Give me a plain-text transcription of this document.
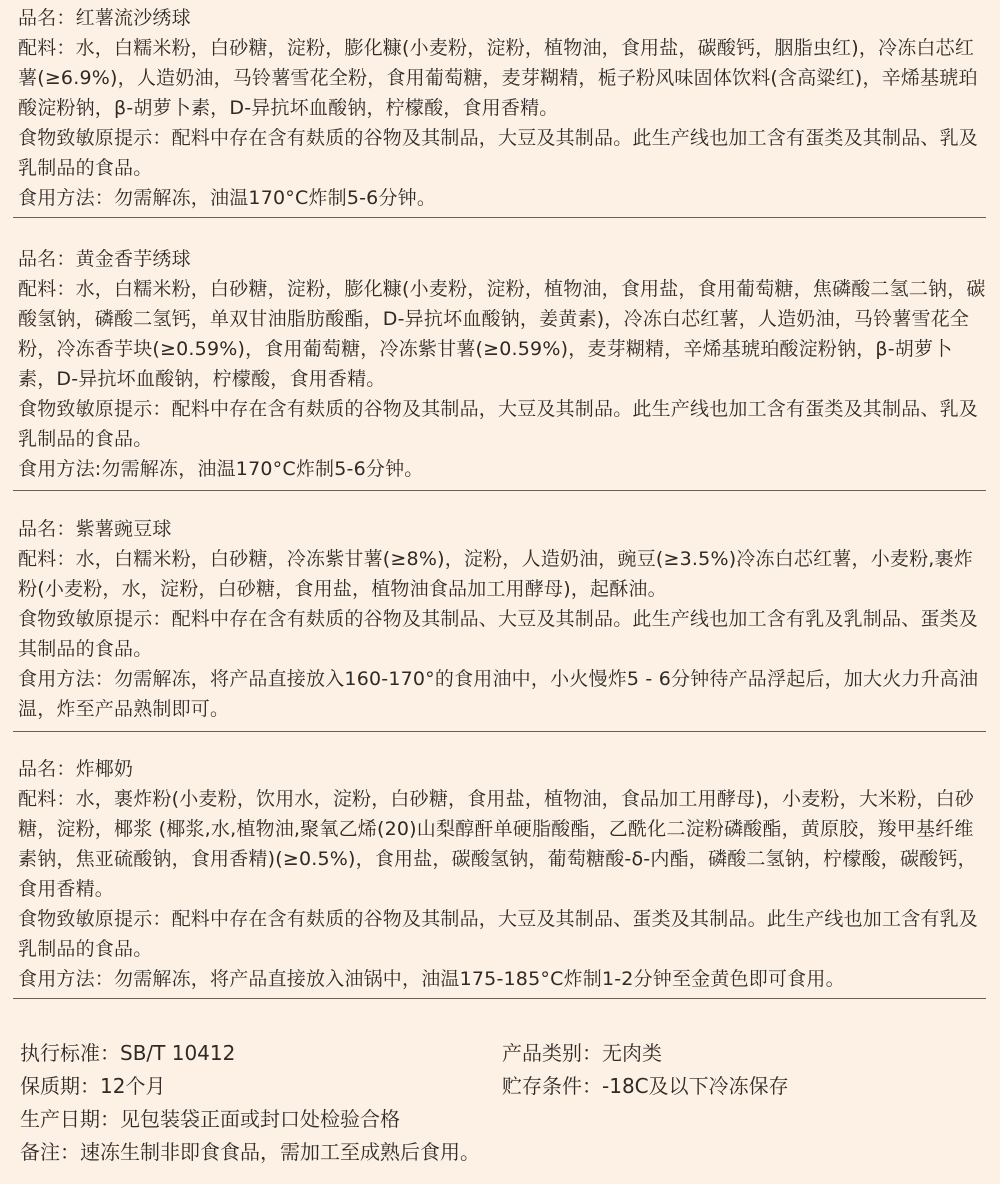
品名：红薯流沙绣球

配料：水，白糯米粉，白砂糖，淀粉，膨化糠(小麦粉，淀粉，植物油，食用盐，碳酸钙，胭脂虫红)，冷冻白芯红薯(≥6.9%)，人造奶油，马铃薯雪花全粉，食用葡萄糖，麦芽糊精，栀子粉风味固体饮料(含高粱红)，辛烯基琥珀酸淀粉钠，β-胡萝卜素，D-异抗坏血酸钠，柠檬酸，食用香精。

食物致敏原提示：配料中存在含有麸质的谷物及其制品，大豆及其制品。此生产线也加工含有蛋类及其制品、乳及乳制品的食品。

食用方法：勿需解冻，油温170°C炸制5-6分钟。

品名：黄金香芋绣球

配料：水，白糯米粉，白砂糖，淀粉，膨化糠(小麦粉，淀粉，植物油，食用盐，食用葡萄糖，焦磷酸二氢二钠，碳酸氢钠，磷酸二氢钙，单双甘油脂肪酸酯，D-异抗坏血酸钠，姜黄素)，冷冻白芯红薯，人造奶油，马铃薯雪花全粉，冷冻香芋块(≥0.59%)，食用葡萄糖，冷冻紫甘薯(≥0.59%)，麦芽糊精，辛烯基琥珀酸淀粉钠，β-胡萝卜素，D-异抗坏血酸钠，柠檬酸，食用香精。

食物致敏原提示：配料中存在含有麸质的谷物及其制品，大豆及其制品。此生产线也加工含有蛋类及其制品、乳及乳制品的食品。

食用方法:勿需解冻，油温170°C炸制5-6分钟。

品名：紫薯豌豆球

配料：水，白糯米粉，白砂糖，冷冻紫甘薯(≥8%)，淀粉，人造奶油，豌豆(≥3.5%)冷冻白芯红薯，小麦粉,裹炸粉(小麦粉，水，淀粉，白砂糖，食用盐，植物油食品加工用酵母)，起酥油。

食物致敏原提示：配料中存在含有麸质的谷物及其制品、大豆及其制品。此生产线也加工含有乳及乳制品、蛋类及其制品的食品。

食用方法：勿需解冻，将产品直接放入160-170°的食用油中，小火慢炸5 - 6分钟待产品浮起后，加大火力升高油温，炸至产品熟制即可。

品名：炸椰奶

配料：水，裹炸粉(小麦粉，饮用水，淀粉，白砂糖，食用盐，植物油，食品加工用酵母)，小麦粉，大米粉，白砂糖，淀粉，椰浆 (椰浆,水,植物油,聚氧乙烯(20)山梨醇酐单硬脂酸酯，乙酰化二淀粉磷酸酯，黄原胶，羧甲基纤维素钠，焦亚硫酸钠，食用香精)(≥0.5%)，食用盐，碳酸氢钠，葡萄糖酸-δ-内酯，磷酸二氢钠，柠檬酸，碳酸钙，食用香精。

食物致敏原提示：配料中存在含有麸质的谷物及其制品，大豆及其制品、蛋类及其制品。此生产线也加工含有乳及乳制品的食品。

食用方法：勿需解冻，将产品直接放入油锅中，油温175-185°C炸制1-2分钟至金黄色即可食用。

执行标准：SB/T 10412	产品类别：无肉类
保质期：12个月	贮存条件：-18C及以下冷冻保存
生产日期：见包装袋正面或封口处检验合格
备注：速冻生制非即食食品，需加工至成熟后食用。
